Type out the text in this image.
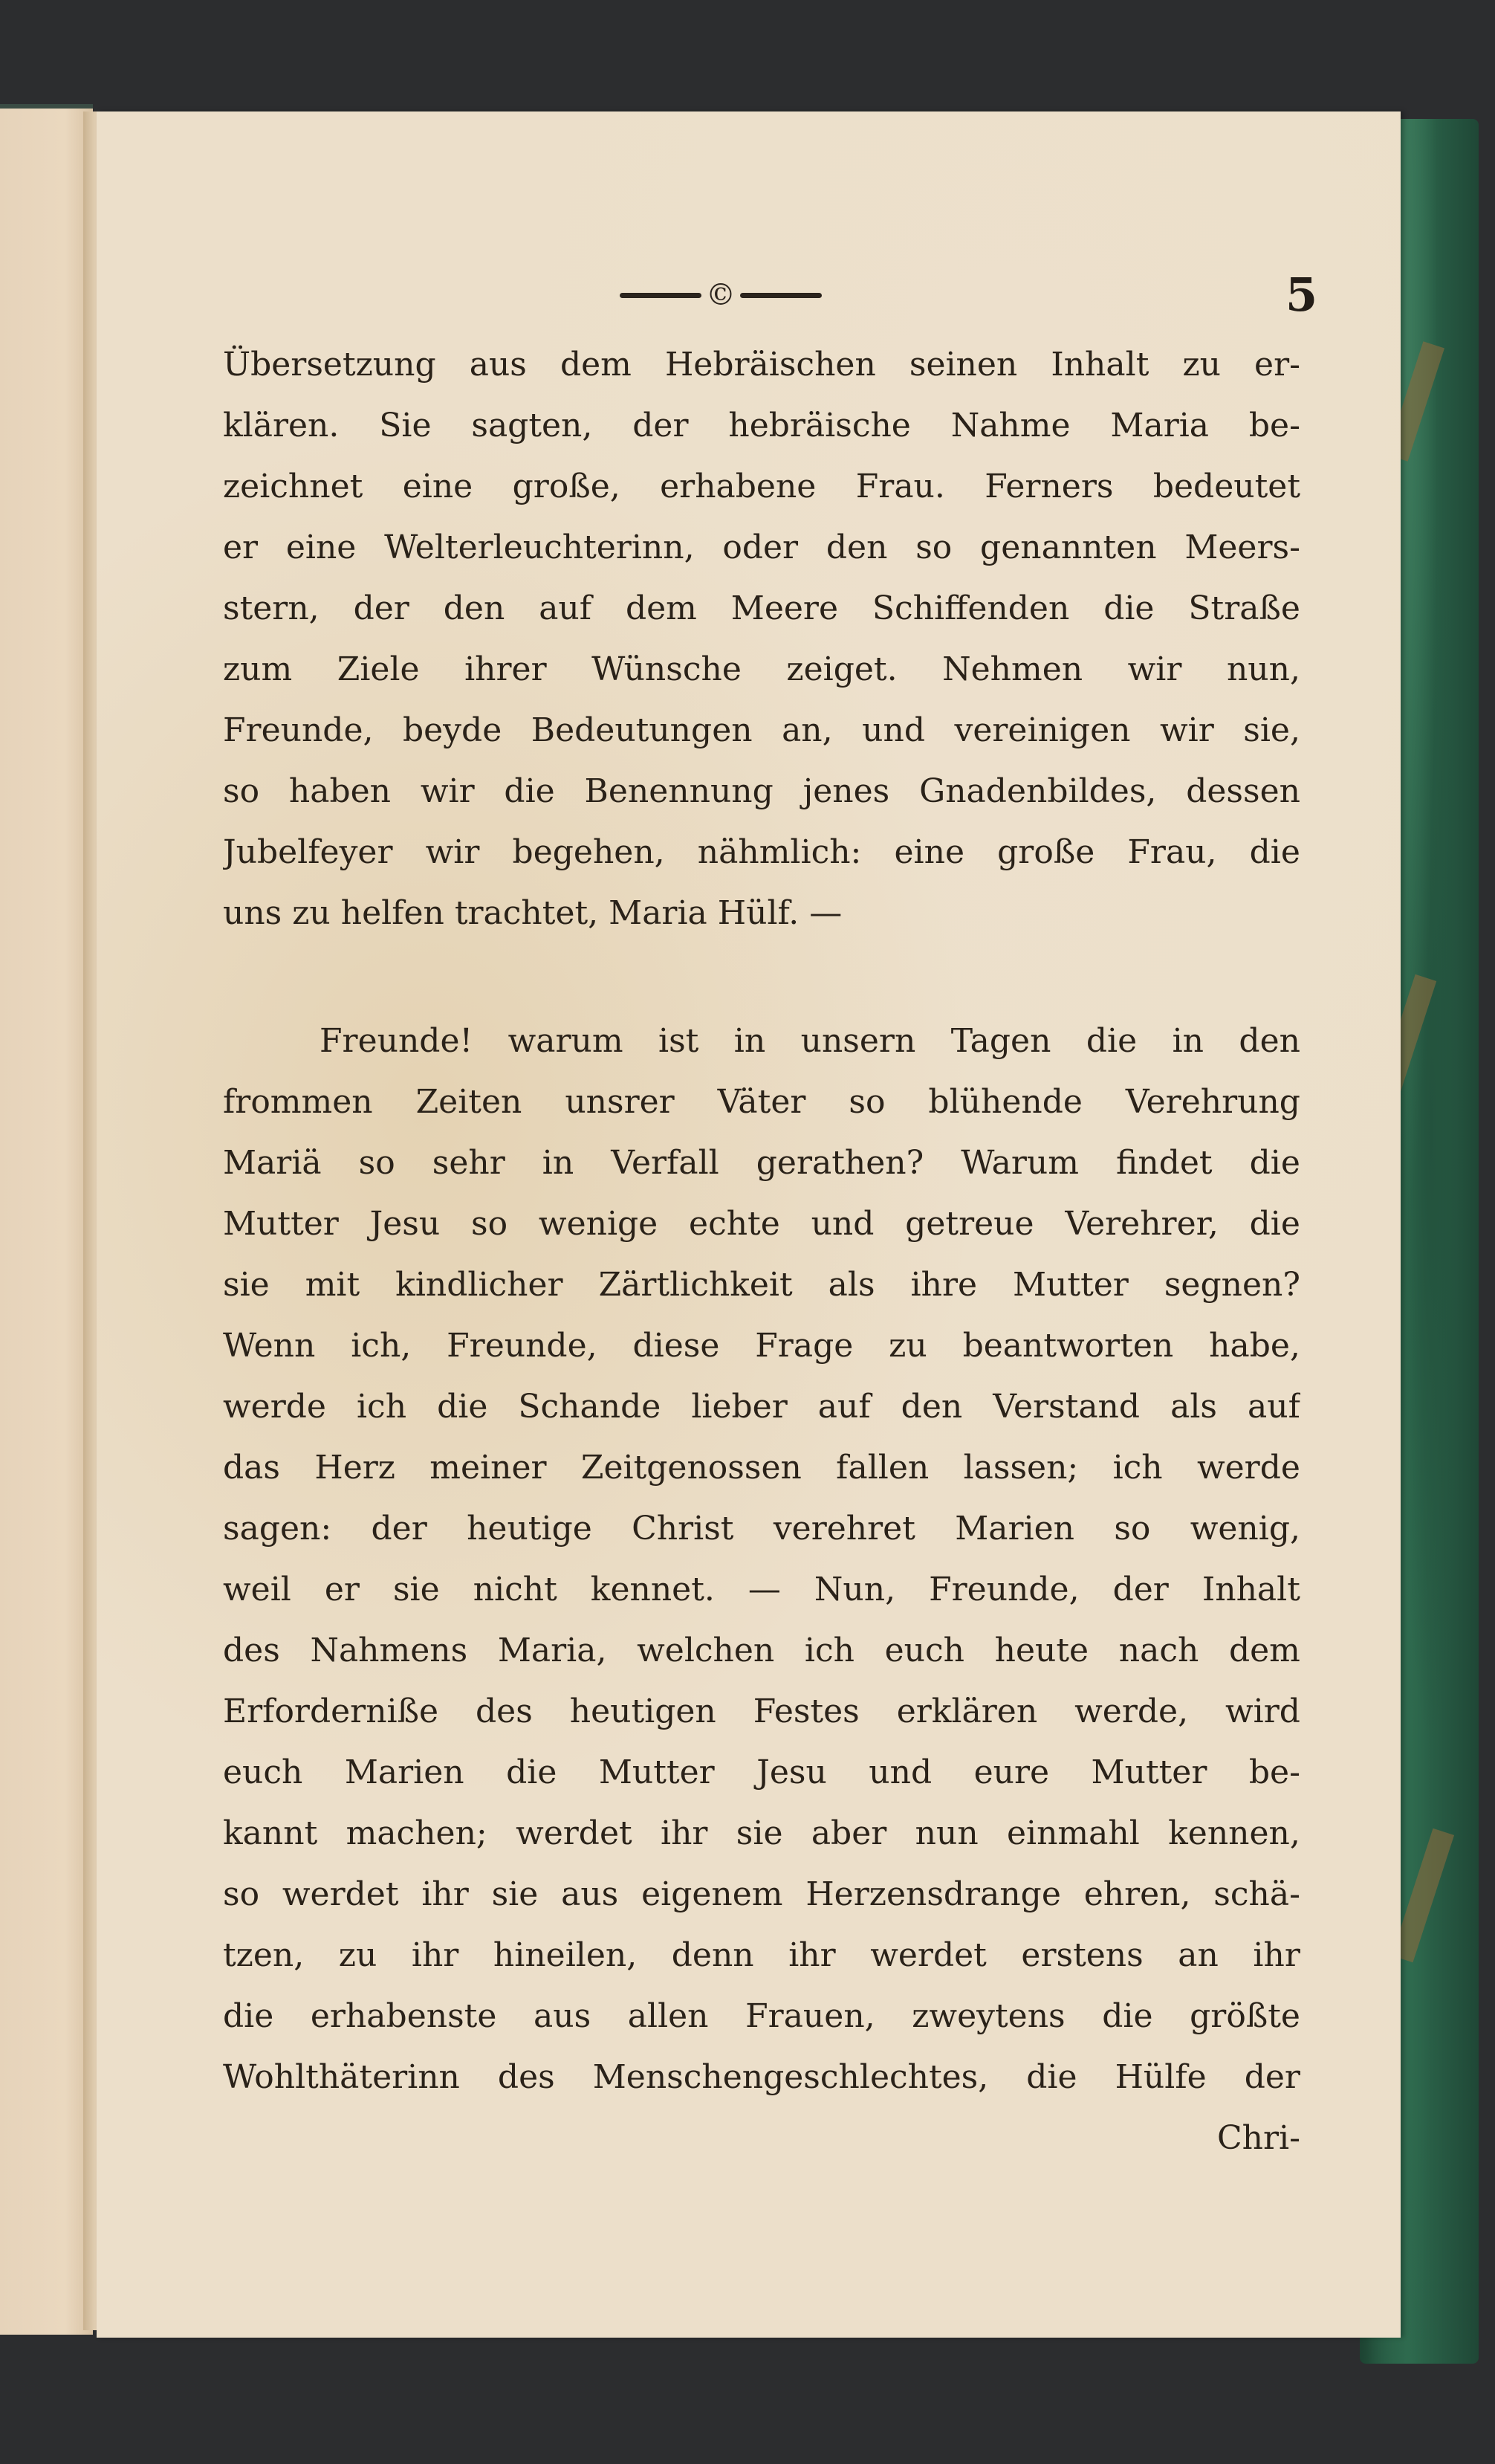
©	5
Übersetzung aus dem Hebräischen seinen Inhalt zu er-
klären. Sie sagten, der hebräische Nahme Maria be-
zeichnet eine große, erhabene Frau. Ferners bedeutet
er eine Welterleuchterinn, oder den so genannten Meers-
stern, der den auf dem Meere Schiffenden die Straße
zum Ziele ihrer Wünsche zeiget. Nehmen wir nun,
Freunde, beyde Bedeutungen an, und vereinigen wir sie,
so haben wir die Benennung jenes Gnadenbildes, dessen
Jubelfeyer wir begehen, nähmlich: eine große Frau, die
uns zu helfen trachtet, Maria Hülf. —
Freunde! warum ist in unsern Tagen die in den
frommen Zeiten unsrer Väter so blühende Verehrung
Mariä so sehr in Verfall gerathen? Warum findet die
Mutter Jesu so wenige echte und getreue Verehrer, die
sie mit kindlicher Zärtlichkeit als ihre Mutter segnen?
Wenn ich, Freunde, diese Frage zu beantworten habe,
werde ich die Schande lieber auf den Verstand als auf
das Herz meiner Zeitgenossen fallen lassen; ich werde
sagen: der heutige Christ verehret Marien so wenig,
weil er sie nicht kennet. — Nun, Freunde, der Inhalt
des Nahmens Maria, welchen ich euch heute nach dem
Erforderniße des heutigen Festes erklären werde, wird
euch Marien die Mutter Jesu und eure Mutter be-
kannt machen; werdet ihr sie aber nun einmahl kennen,
so werdet ihr sie aus eigenem Herzensdrange ehren, schä-
tzen, zu ihr hineilen, denn ihr werdet erstens an ihr
die erhabenste aus allen Frauen, zweytens die größte
Wohlthäterinn des Menschengeschlechtes, die Hülfe der
Chri-
